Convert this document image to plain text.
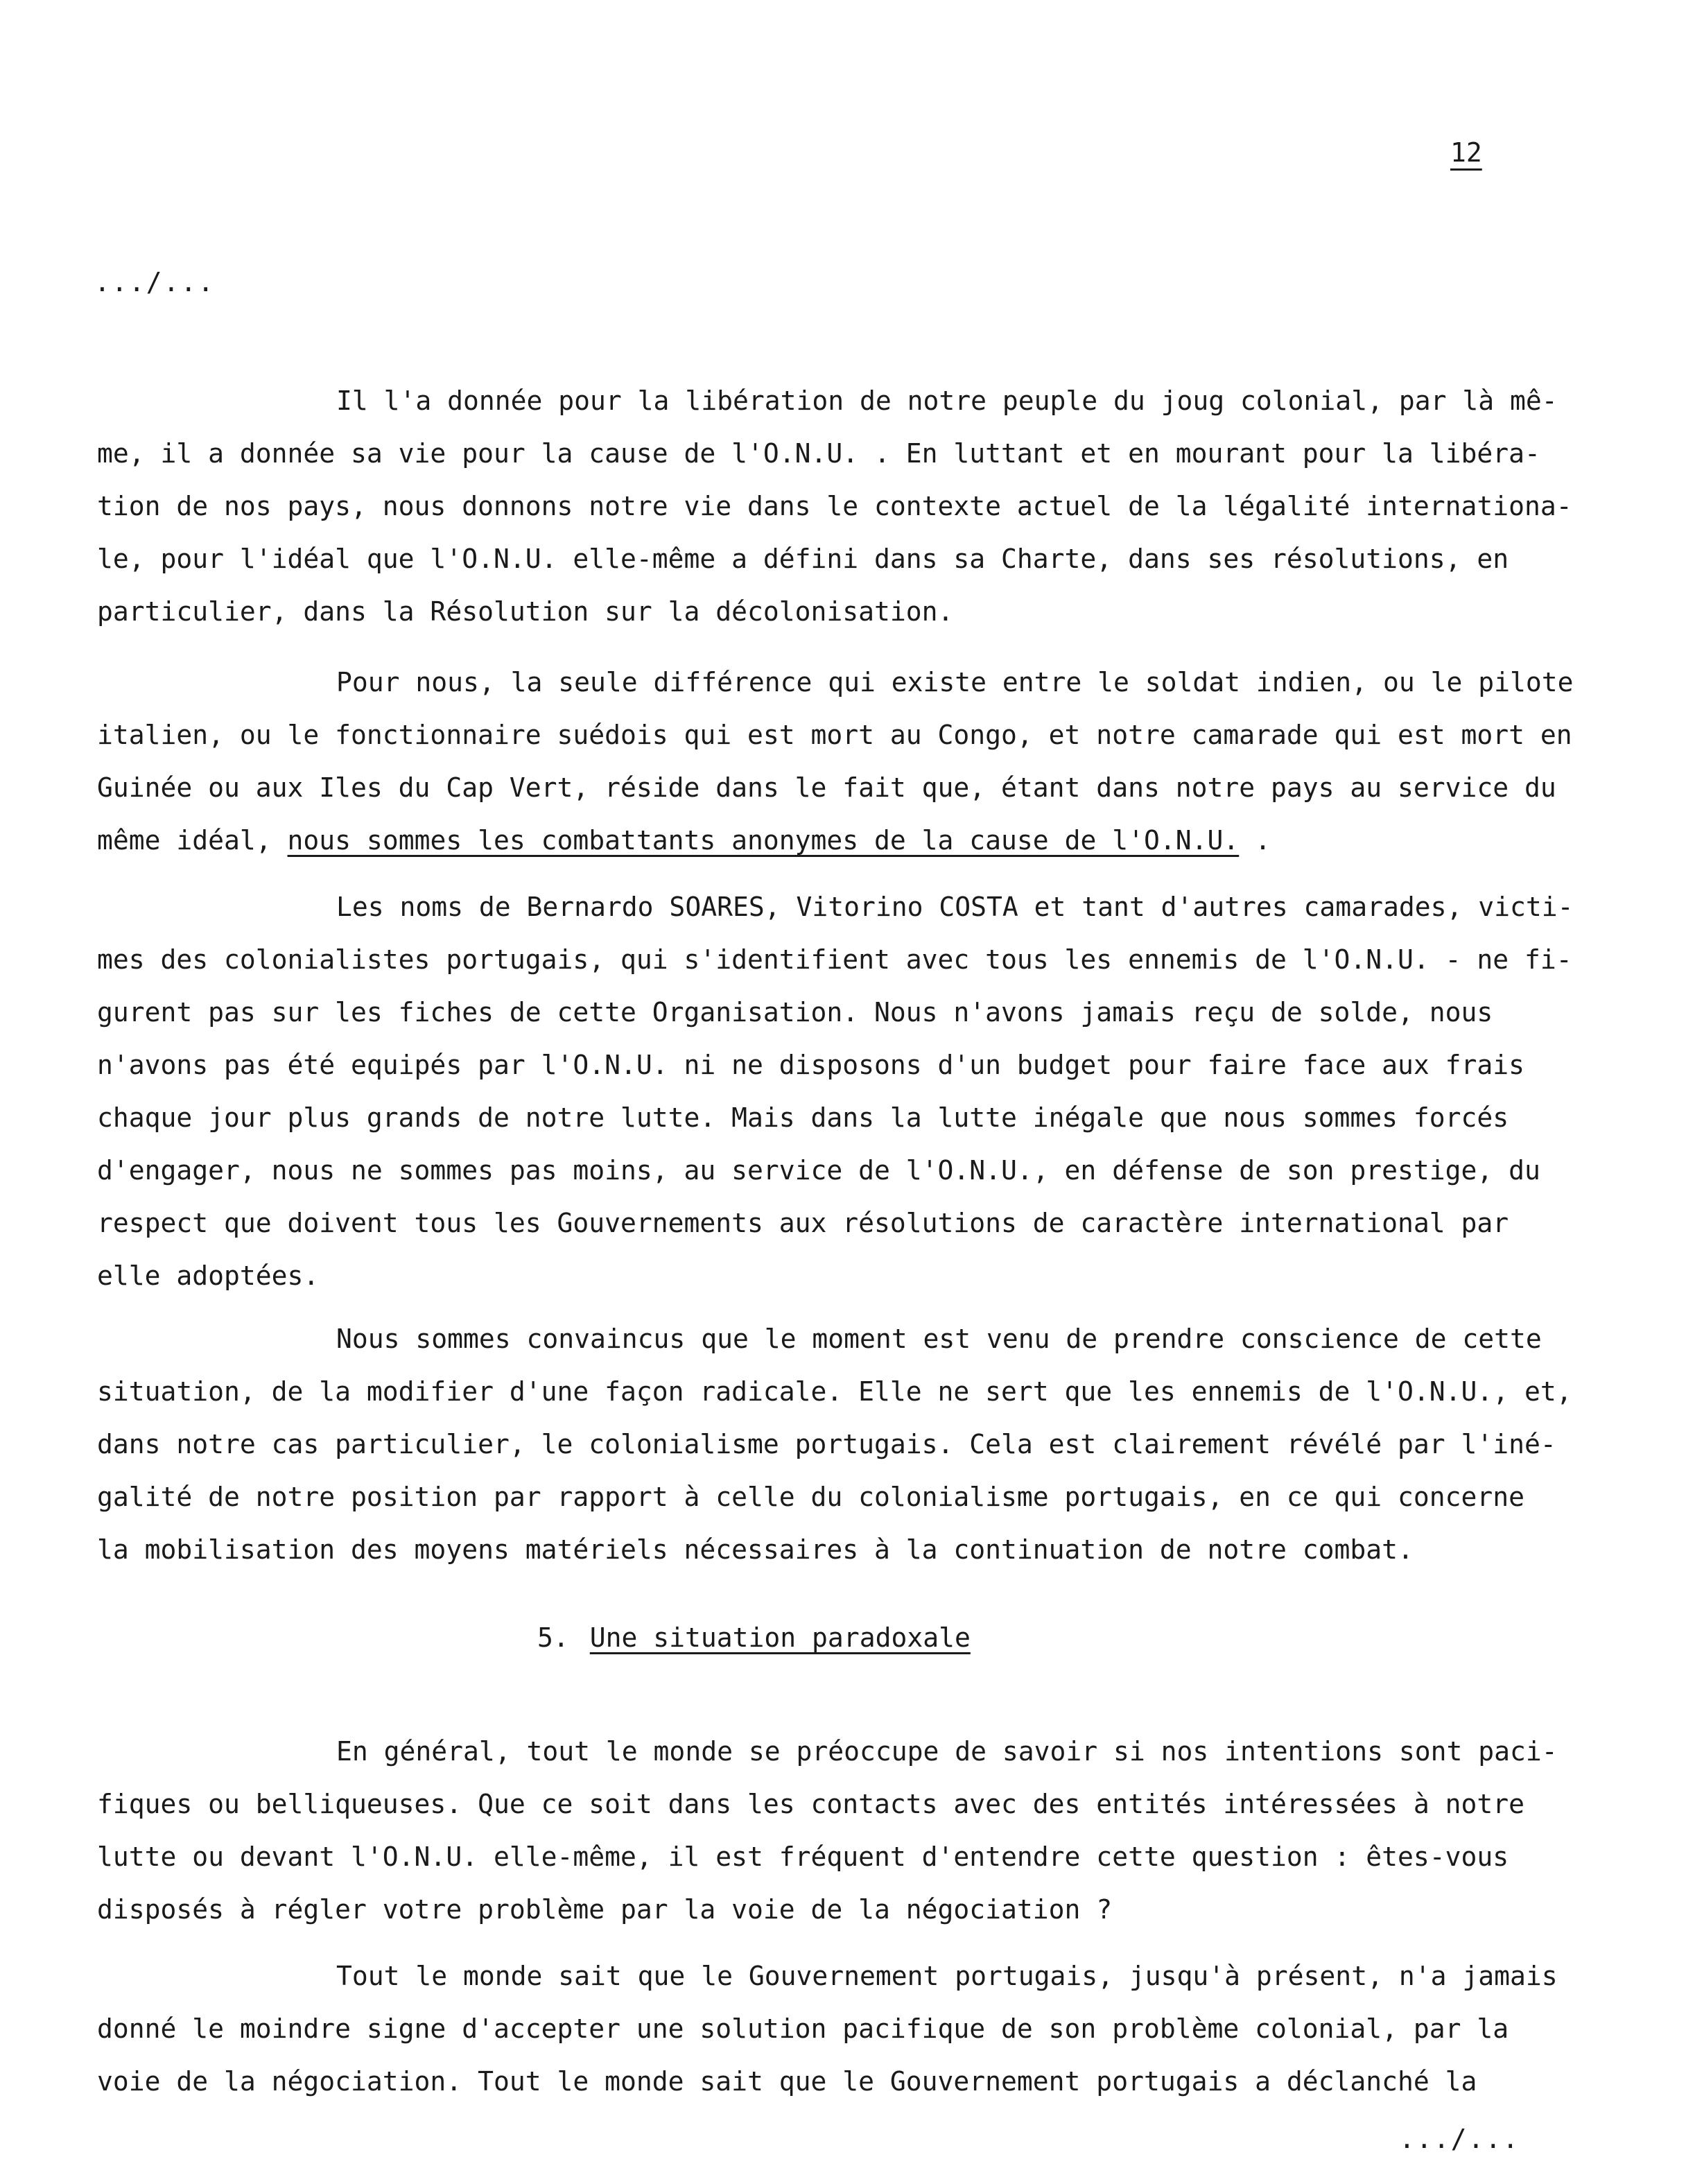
12
.../...
Il l'a donnée pour la libération de notre peuple du joug colonial, par là mê-
me, il a donnée sa vie pour la cause de l'O.N.U. . En luttant et en mourant pour la libéra-
tion de nos pays, nous donnons notre vie dans le contexte actuel de la légalité internationa-
le, pour l'idéal que l'O.N.U. elle-même a défini dans sa Charte, dans ses résolutions, en
particulier, dans la Résolution sur la décolonisation.
Pour nous, la seule différence qui existe entre le soldat indien, ou le pilote
italien, ou le fonctionnaire suédois qui est mort au Congo, et notre camarade qui est mort en
Guinée ou aux Iles du Cap Vert, réside dans le fait que, étant dans notre pays au service du
même idéal, nous sommes les combattants anonymes de la cause de l'O.N.U. .
Les noms de Bernardo SOARES, Vitorino COSTA et tant d'autres camarades, victi-
mes des colonialistes portugais, qui s'identifient avec tous les ennemis de l'O.N.U. - ne fi-
gurent pas sur les fiches de cette Organisation. Nous n'avons jamais reçu de solde, nous
n'avons pas été equipés par l'O.N.U. ni ne disposons d'un budget pour faire face aux frais
chaque jour plus grands de notre lutte. Mais dans la lutte inégale que nous sommes forcés
d'engager, nous ne sommes pas moins, au service de l'O.N.U., en défense de son prestige, du
respect que doivent tous les Gouvernements aux résolutions de caractère international par
elle adoptées.
Nous sommes convaincus que le moment est venu de prendre conscience de cette
situation, de la modifier d'une façon radicale. Elle ne sert que les ennemis de l'O.N.U., et,
dans notre cas particulier, le colonialisme portugais. Cela est clairement révélé par l'iné-
galité de notre position par rapport à celle du colonialisme portugais, en ce qui concerne
la mobilisation des moyens matériels nécessaires à la continuation de notre combat.
5. Une situation paradoxale
En général, tout le monde se préoccupe de savoir si nos intentions sont paci-
fiques ou belliqueuses. Que ce soit dans les contacts avec des entités intéressées à notre
lutte ou devant l'O.N.U. elle-même, il est fréquent d'entendre cette question : êtes-vous
disposés à régler votre problème par la voie de la négociation ?
Tout le monde sait que le Gouvernement portugais, jusqu'à présent, n'a jamais
donné le moindre signe d'accepter une solution pacifique de son problème colonial, par la
voie de la négociation. Tout le monde sait que le Gouvernement portugais a déclanché la
.../...
